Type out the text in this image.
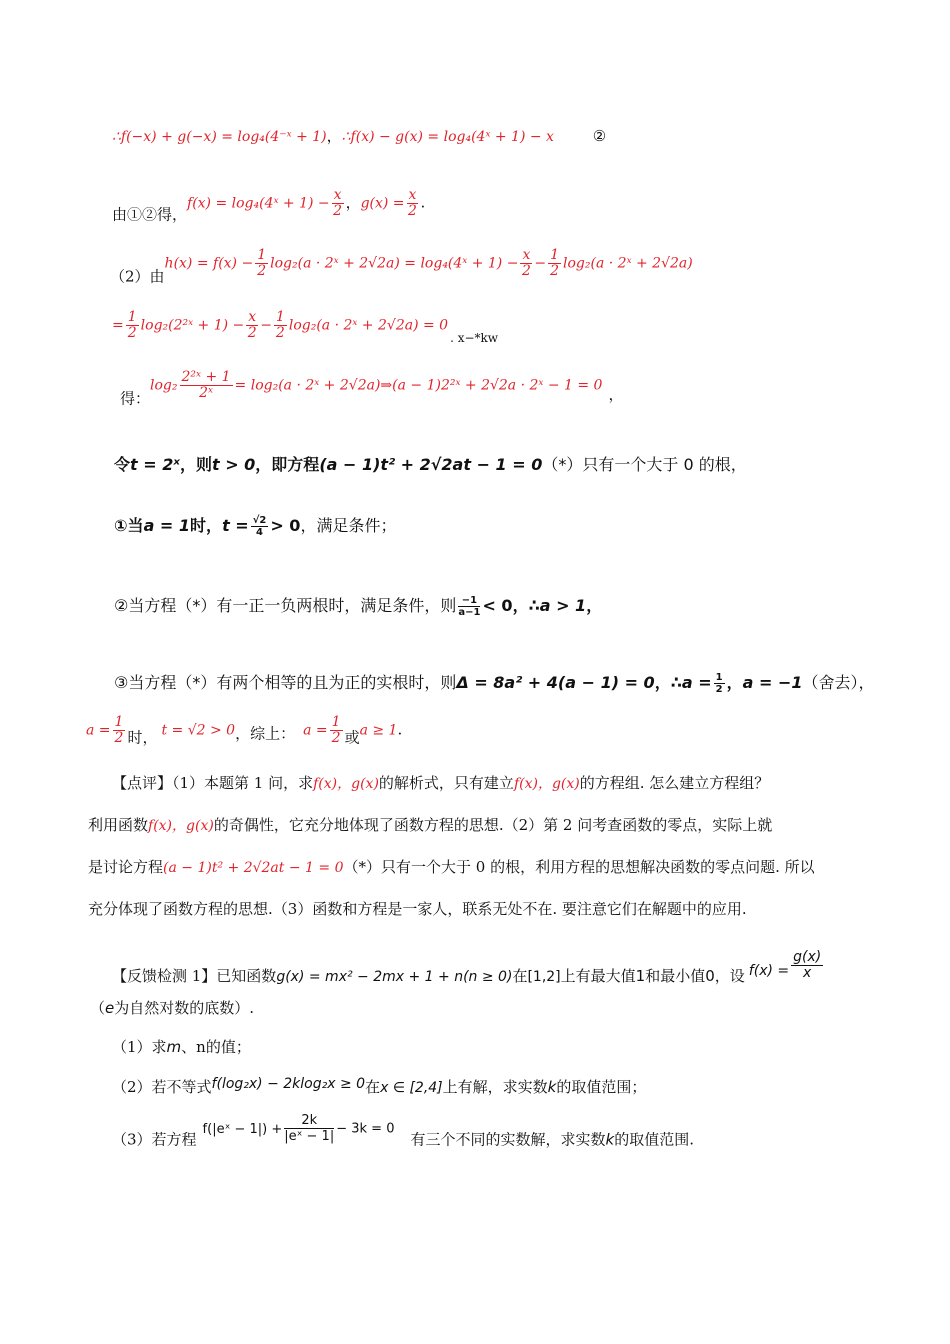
∴f(−x) + g(−x) = log₄(4⁻ˣ + 1)，∴f(x) − g(x) = log₄(4ˣ + 1) − x	②
由①②得，f(x) = log₄(4ˣ + $1) - \frac{x}{2}$ ，$g(x) = \frac{x}{2}$ .
（2）由$h(x) = f(x) - \frac{1}{2} \log_2(a$ · 2ˣ + 2√2a) = log₄(4ˣ + $1) - \frac{x}{2} - \frac{1}{2} \log_2(a$ · 2ˣ + 2√2a)
= $\frac{1}{2}$ log₂(2²ˣ + $1) - \frac{x}{2} - \frac{1}{2} \log_2(a$ · 2ˣ + $2√2a) = 0_{. x-*kw}$
得：$\log_2 \frac{\text{2²ˣ + 1}}{\text{2ˣ}} = \log_2(a$ · 2ˣ + 2√2a)⇒(a − 1)2²ˣ + 2√2a · 2ˣ − 1 = 0 ，
令t = 2ˣ，则t > 0，即方程(a − 1)t² + 2√2at − 1 = 0（*）只有一个大于 0 的根，
①当a = 1时，$t = \frac{√2}{4} > 0$，满足条件；
②当方程（*）有一正一负两根时，满足条件，则 $\frac{-1}{a-1} < 0$，∴a > 1，
③当方程（*）有两个相等的且为正的实根时，则Δ = 8a² + 4(a − 1) = 0，∴a = $\frac{1}{2}$ ，a = −1（舍去），
$a = \frac{1}{2}$ 时， t = √2 > 0，综上： $a = \frac{1}{2}$ 或a ≥ 1.
【点评】（1）本题第 1 问，求f(x)，g(x)的解析式，只有建立f(x)，g(x)的方程组. 怎么建立方程组？
利用函数f(x)，g(x)的奇偶性，它充分地体现了函数方程的思想.（2）第 2 问考查函数的零点，实际上就
是讨论方程(a − 1)t² + 2√2at − 1 = 0（*）只有一个大于 0 的根，利用方程的思想解决函数的零点问题. 所以
充分体现了函数方程的思想.（3）函数和方程是一家人，联系无处不在. 要注意它们在解题中的应用.
【反馈检测 1】已知函数g(x) = mx² − 2mx + 1 + n(n ≥ 0)在[1,2]上有最大值1和最小值0，设 $f(x) = \frac{g(x)}{x}$
（e为自然对数的底数）.
（1）求m、n的值；
（2）若不等式f(log₂x) − 2klog₂x ≥ 0在x ∈ [2,4]上有解，求实数k的取值范围；
（3）若方程f(|eˣ − $1|) + \frac{2k}{\text{|eˣ − 1|}} - 3k = 0$有三个不同的实数解，求实数k的取值范围.
